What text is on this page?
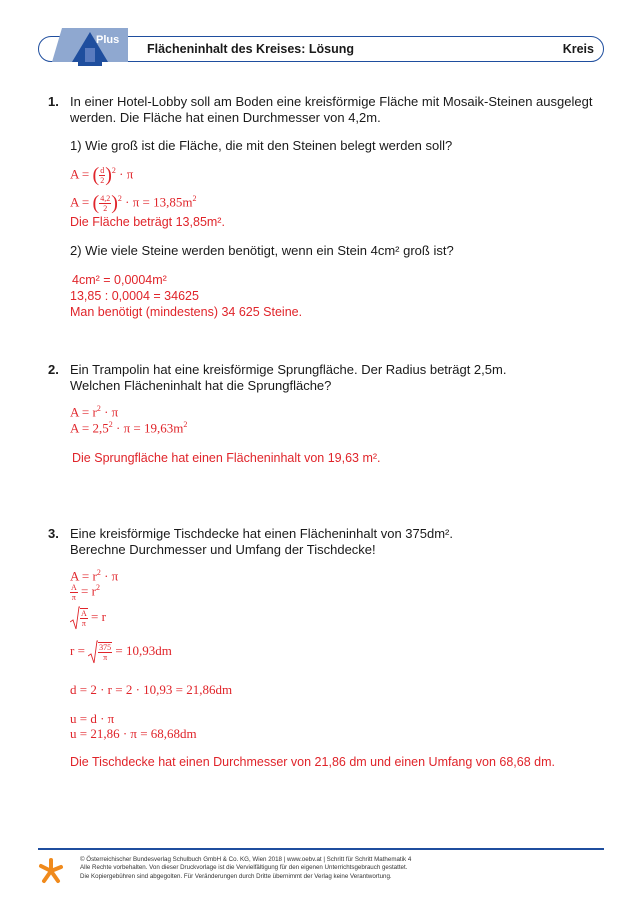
Plus
Flächeninhalt des Kreises: Lösung	Kreis
1. In einer Hotel-Lobby soll am Boden eine kreisförmige Fläche mit Mosaik-Steinen ausgelegt
werden. Die Fläche hat einen Durchmesser von 4,2m.
1) Wie groß ist die Fläche, die mit den Steinen belegt werden soll?
A = ( $\frac{d}{2} )^2 \cdot \pi$
A = ( $\frac{4,2}{2} )^2 \cdot \pi = 13,85m^2$
Die Fläche beträgt 13,85m².
2) Wie viele Steine werden benötigt, wenn ein Stein 4cm² groß ist?
4cm² = 0,0004m²
13,85 : 0,0004 = 34625
Man benötigt (mindestens) 34 625 Steine.
2. Ein Trampolin hat eine kreisförmige Sprungfläche. Der Radius beträgt 2,5m.
Welchen Flächeninhalt hat die Sprungfläche?
$A = r^2 \cdot \pi$
$A = 2,5^2 \cdot \pi = 19,63m^2$
Die Sprungfläche hat einen Flächeninhalt von 19,63 m².
3. Eine kreisförmige Tischdecke hat einen Flächeninhalt von 375dm².
Berechne Durchmesser und Umfang der Tischdecke!
$A = r^2 \cdot \pi$
$\frac{A}{\pi} = r^2$
$\frac{A}{\pi} = r$
$r = \frac{375}{\pi} = 10,93dm$
d = 2 · r = 2 · 10,93 = 21,86dm
u = d · π
u = 21,86 · π = 68,68dm
Die Tischdecke hat einen Durchmesser von 21,86 dm und einen Umfang von 68,68 dm.
© Österreichischer Bundesverlag Schulbuch GmbH & Co. KG, Wien 2018 | www.oebv.at | Schritt für Schritt Mathematik 4
Alle Rechte vorbehalten. Von dieser Druckvorlage ist die Vervielfältigung für den eigenen Unterrichtsgebrauch gestattet.
Die Kopiergebühren sind abgegolten. Für Veränderungen durch Dritte übernimmt der Verlag keine Verantwortung.
